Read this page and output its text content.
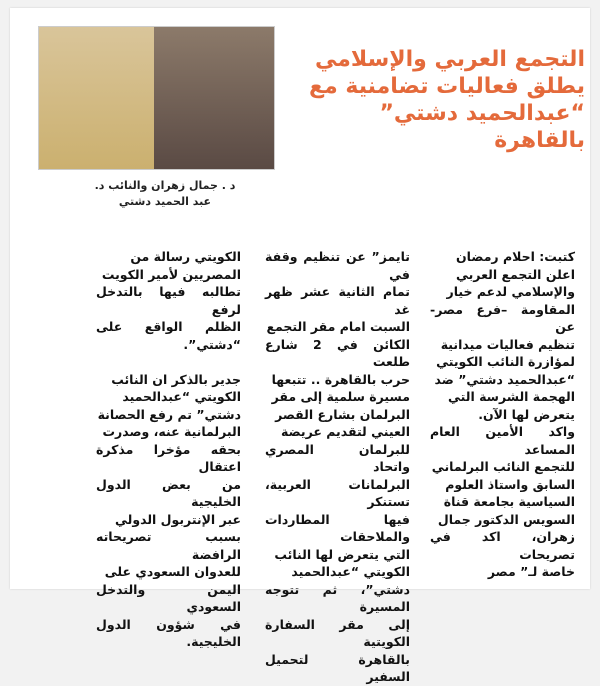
د . جمال زهران والنائب د.
عبد الحميد دشتي
التجمع العربي والإسلامي
يطلق فعاليات تضامنية مع
“عبدالحميد دشتي”
بالقاهرة
كتبت: احلام رمضان
اعلن التجمع العربي
والإسلامي لدعم خيار
المقاومة –فرع مصر- عن
تنظيم فعاليات ميدانية
لمؤازرة النائب الكويتي
“عبدالحميد دشتي” ضد
الهجمة الشرسة التي
يتعرض لها الآن.
واكد الأمين العام المساعد
للتجمع النائب البرلماني
السابق واستاذ العلوم
السياسية بجامعة قناة
السويس الدكتور جمال
زهران، اكد في تصريحات
خاصة لـ” مصر
تايمز” عن تنظيم وقفة في
تمام الثانية عشر ظهر غد
السبت امام مقر التجمع
الكائن في 2 شارع طلعت
حرب بالقاهرة .. تتبعها
مسيرة سلمية إلى مقر
البرلمان بشارع القصر
العيني لتقديم عريضة
للبرلمان المصري واتحاد
البرلمانات العربية، تستنكر
فيها المطاردات والملاحقات
التي يتعرض لها النائب
الكويتي “عبدالحميد
دشتي”، ثم تتوجه المسيرة
إلى مقر السفارة الكويتية
بالقاهرة لتحميل السفير
الكويتي رسالة من
المصريين لأمير الكويت
تطالبه فيها بالتدخل لرفع
الظلم الواقع على “دشتي”.

جدير بالذكر ان النائب
الكويتي “عبدالحميد
دشتي” تم رفع الحصانة
البرلمانية عنه، وصدرت
بحقه مؤخرا مذكرة اعتقال
من بعض الدول الخليجية
عبر الإنتربول الدولي
بسبب تصريحاته الرافضة
للعدوان السعودي على
اليمن والتدخل السعودي
في شؤون الدول الخليجية.
